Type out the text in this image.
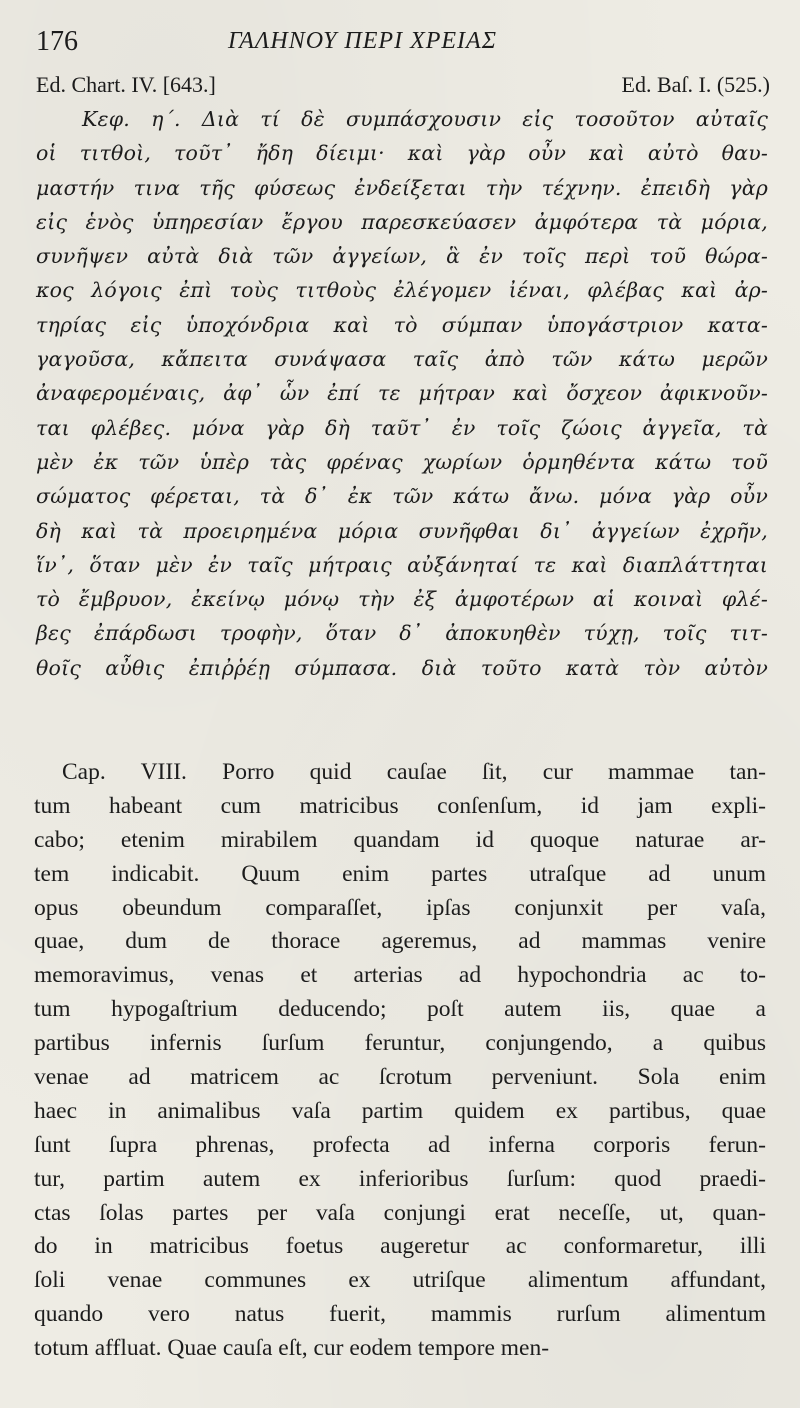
176	ΓΑΛΗΝΟΥ ΠΕΡΙ ΧΡΕΙΑΣ
Ed. Chart. IV. [643.]	Ed. Baſ. I. (525.)
Κεφ. η΄. Διὰ τί δὲ συμπάσχουσιν εἰς τοσοῦτον αὐταῖς
οἱ τιτθοὶ, τοῦτ᾽ ἤδη δίειμι· καὶ γὰρ οὖν καὶ αὐτὸ θαυ-
μαστήν τινα τῆς φύσεως ἐνδείξεται τὴν τέχνην. ἐπειδὴ γὰρ
εἰς ἑνὸς ὑπηρεσίαν ἔργου παρεσκεύασεν ἀμφότερα τὰ μόρια,
συνῆψεν αὐτὰ διὰ τῶν ἀγγείων, ἃ ἐν τοῖς περὶ τοῦ θώρα-
κος λόγοις ἐπὶ τοὺς τιτθοὺς ἐλέγομεν ἰέναι, φλέβας καὶ ἀρ-
τηρίας εἰς ὑποχόνδρια καὶ τὸ σύμπαν ὑπογάστριον κατα-
γαγοῦσα, κἄπειτα συνάψασα ταῖς ἀπὸ τῶν κάτω μερῶν
ἀναφερομέναις, ἀφ᾽ ὧν ἐπί τε μήτραν καὶ ὄσχεον ἀφικνοῦν-
ται φλέβες. μόνα γὰρ δὴ ταῦτ᾽ ἐν τοῖς ζώοις ἀγγεῖα, τὰ
μὲν ἐκ τῶν ὑπὲρ τὰς φρένας χωρίων ὁρμηθέντα κάτω τοῦ
σώματος φέρεται, τὰ δ᾽ ἐκ τῶν κάτω ἄνω. μόνα γὰρ οὖν
δὴ καὶ τὰ προειρημένα μόρια συνῆφθαι δι᾽ ἀγγείων ἐχρῆν,
ἵν᾽, ὅταν μὲν ἐν ταῖς μήτραις αὐξάνηταί τε καὶ διαπλάττηται
τὸ ἔμβρυον, ἐκείνῳ μόνῳ τὴν ἐξ ἀμφοτέρων αἱ κοιναὶ φλέ-
βες ἐπάρδωσι τροφὴν, ὅταν δ᾽ ἀποκυηθὲν τύχῃ, τοῖς τιτ-
θοῖς αὖθις ἐπιῤῥέῃ σύμπασα. διὰ τοῦτο κατὰ τὸν αὐτὸν
Cap. VIII. Porro quid cauſae ſit, cur mammae tan-
tum habeant cum matricibus conſenſum, id jam expli-
cabo; etenim mirabilem quandam id quoque naturae ar-
tem indicabit. Quum enim partes utraſque ad unum
opus obeundum comparaſſet, ipſas conjunxit per vaſa,
quae, dum de thorace ageremus, ad mammas venire
memoravimus, venas et arterias ad hypochondria ac to-
tum hypogaſtrium deducendo; poſt autem iis, quae a
partibus infernis ſurſum feruntur, conjungendo, a quibus
venae ad matricem ac ſcrotum perveniunt. Sola enim
haec in animalibus vaſa partim quidem ex partibus, quae
ſunt ſupra phrenas, profecta ad inferna corporis ferun-
tur, partim autem ex inferioribus ſurſum: quod praedi-
ctas ſolas partes per vaſa conjungi erat neceſſe, ut, quan-
do in matricibus foetus augeretur ac conformaretur, illi
ſoli venae communes ex utriſque alimentum affundant,
quando vero natus fuerit, mammis rurſum alimentum
totum affluat. Quae cauſa eſt, cur eodem tempore men-
